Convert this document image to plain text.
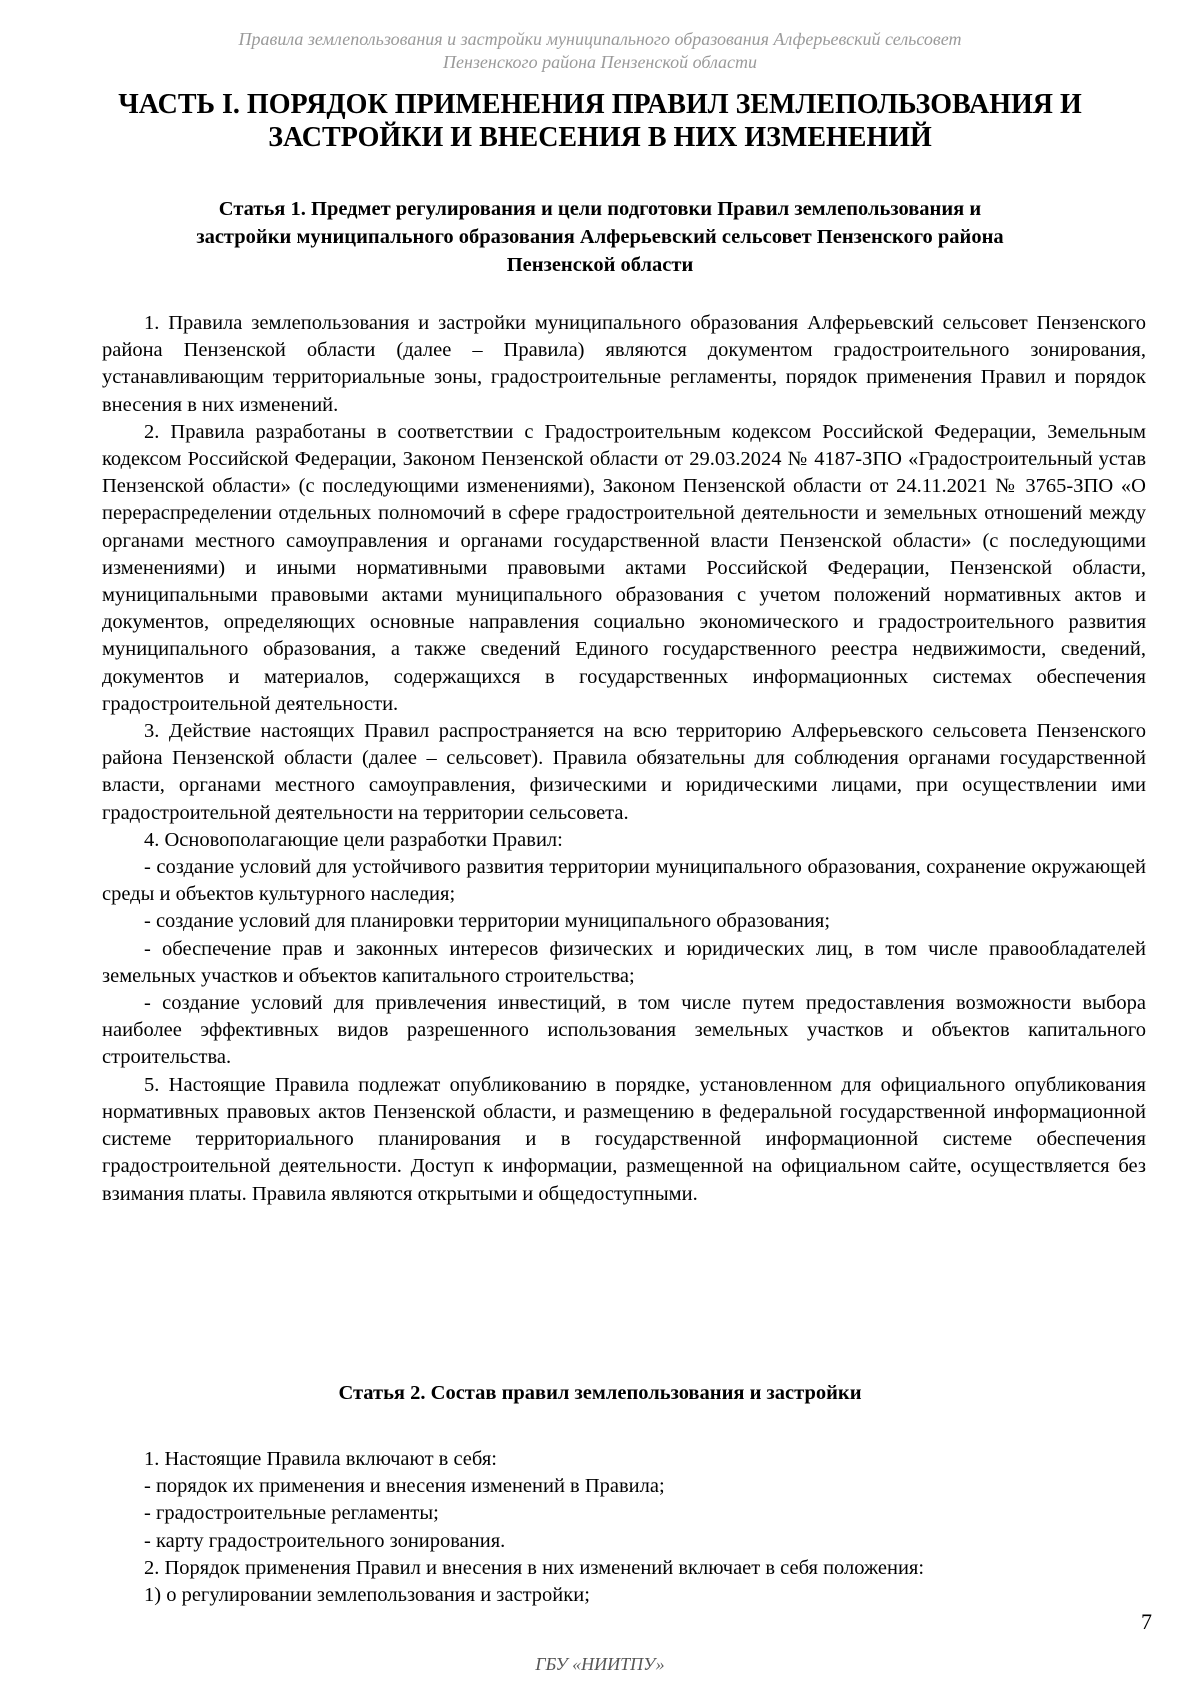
Правила землепользования и застройки муниципального образования Алферьевский сельсовет
Пензенского района Пензенской области
ЧАСТЬ I. ПОРЯДОК ПРИМЕНЕНИЯ ПРАВИЛ ЗЕМЛЕПОЛЬЗОВАНИЯ И
ЗАСТРОЙКИ И ВНЕСЕНИЯ В НИХ ИЗМЕНЕНИЙ
Статья 1. Предмет регулирования и цели подготовки Правил землепользования и
застройки муниципального образования Алферьевский сельсовет Пензенского района
Пензенской области

1. Правила землепользования и застройки муниципального образования Алферьевский сельсовет Пензенского района Пензенской области (далее – Правила) являются документом градостроительного зонирования, устанавливающим территориальные зоны, градостроительные регламенты, порядок применения Правил и порядок внесения в них изменений.

2. Правила разработаны в соответствии с Градостроительным кодексом Российской Федерации, Земельным кодексом Российской Федерации, Законом Пензенской области от 29.03.2024 № 4187-ЗПО «Градостроительный устав Пензенской области» (с последующими изменениями), Законом Пензенской области от 24.11.2021 № 3765-ЗПО «О перераспределении отдельных полномочий в сфере градостроительной деятельности и земельных отношений между органами местного самоуправления и органами государственной власти Пензенской области» (с последующими изменениями) и иными нормативными правовыми актами Российской Федерации, Пензенской области, муниципальными правовыми актами муниципального образования с учетом положений нормативных актов и документов, определяющих основные направления социально экономического и градостроительного развития муниципального образования, а также сведений Единого государственного реестра недвижимости, сведений, документов и материалов, содержащихся в государственных информационных системах обеспечения градостроительной деятельности.

3. Действие настоящих Правил распространяется на всю территорию Алферьевского сельсовета Пензенского района Пензенской области (далее – сельсовет). Правила обязательны для соблюдения органами государственной власти, органами местного самоуправления, физическими и юридическими лицами, при осуществлении ими градостроительной деятельности на территории сельсовета.

4. Основополагающие цели разработки Правил:

- создание условий для устойчивого развития территории муниципального образования, сохранение окружающей среды и объектов культурного наследия;

- создание условий для планировки территории муниципального образования;

- обеспечение прав и законных интересов физических и юридических лиц, в том числе правообладателей земельных участков и объектов капитального строительства;

- создание условий для привлечения инвестиций, в том числе путем предоставления возможности выбора наиболее эффективных видов разрешенного использования земельных участков и объектов капитального строительства.

5. Настоящие Правила подлежат опубликованию в порядке, установленном для официального опубликования нормативных правовых актов Пензенской области, и размещению в федеральной государственной информационной системе территориального планирования и в государственной информационной системе обеспечения градостроительной деятельности. Доступ к информации, размещенной на официальном сайте, осуществляется без взимания платы. Правила являются открытыми и общедоступными.

Статья 2. Состав правил землепользования и застройки

1. Настоящие Правила включают в себя:

- порядок их применения и внесения изменений в Правила;

- градостроительные регламенты;

- карту градостроительного зонирования.

2. Порядок применения Правил и внесения в них изменений включает в себя положения:

1) о регулировании землепользования и застройки;

7
ГБУ «НИИТПУ»
